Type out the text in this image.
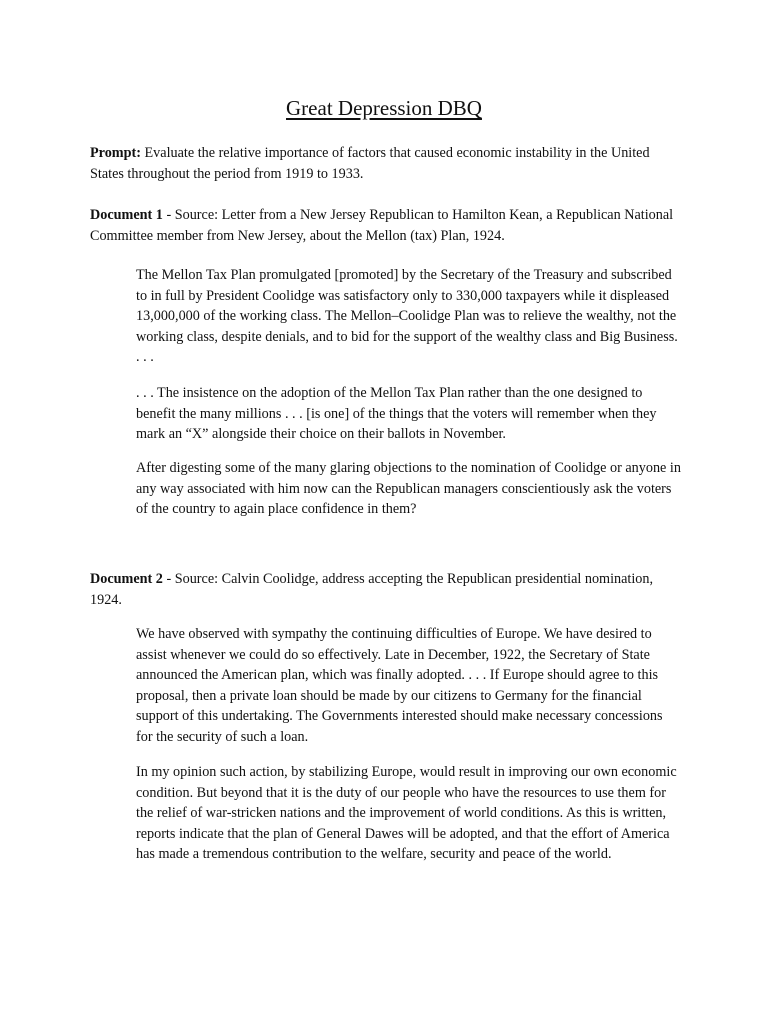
Great Depression DBQ

Prompt: Evaluate the relative importance of factors that caused economic instability in the United States throughout the period from 1919 to 1933.

Document 1 - Source: Letter from a New Jersey Republican to Hamilton Kean, a Republican National Committee member from New Jersey, about the Mellon (tax) Plan, 1924.

The Mellon Tax Plan promulgated [promoted] by the Secretary of the Treasury and subscribed to in full by President Coolidge was satisfactory only to 330,000 taxpayers while it displeased 13,000,000 of the working class. The Mellon–Coolidge Plan was to relieve the wealthy, not the working class, despite denials, and to bid for the support of the wealthy class and Big Business. . . .

. . . The insistence on the adoption of the Mellon Tax Plan rather than the one designed to benefit the many millions . . . [is one] of the things that the voters will remember when they mark an “X” alongside their choice on their ballots in November.

After digesting some of the many glaring objections to the nomination of Coolidge or anyone in any way associated with him now can the Republican managers conscientiously ask the voters of the country to again place confidence in them?

Document 2 - Source: Calvin Coolidge, address accepting the Republican presidential nomination, 1924.

We have observed with sympathy the continuing difficulties of Europe. We have desired to assist whenever we could do so effectively. Late in December, 1922, the Secretary of State announced the American plan, which was finally adopted. . . . If Europe should agree to this proposal, then a private loan should be made by our citizens to Germany for the financial support of this undertaking. The Governments interested should make necessary concessions for the security of such a loan.

In my opinion such action, by stabilizing Europe, would result in improving our own economic condition. But beyond that it is the duty of our people who have the resources to use them for the relief of war-stricken nations and the improvement of world conditions. As this is written, reports indicate that the plan of General Dawes will be adopted, and that the effort of America has made a tremendous contribution to the welfare, security and peace of the world.
